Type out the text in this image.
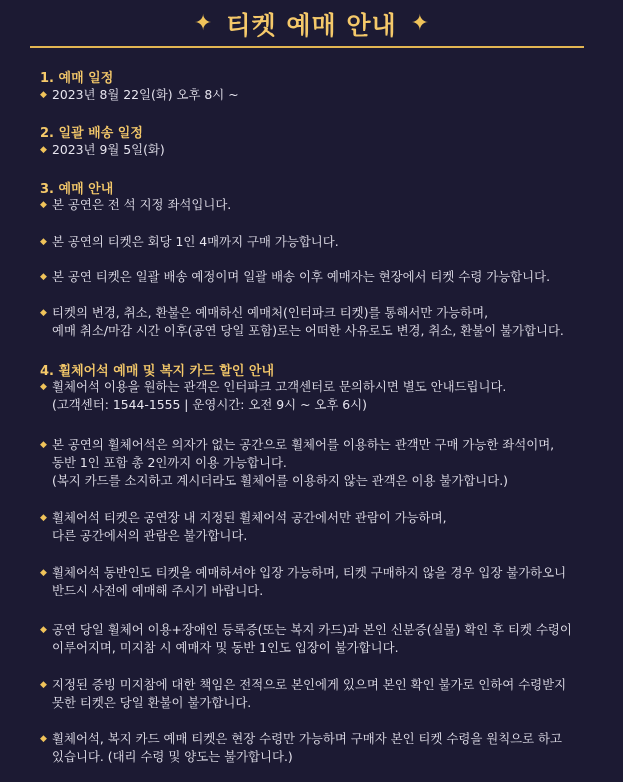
✦ 티켓 예매 안내 ✦
1. 예매 일정
◆ 2023년 8월 22일(화) 오후 8시 ~
2. 일괄 배송 일정
◆ 2023년 9월 5일(화)
3. 예매 안내
◆ 본 공연은 전 석 지정 좌석입니다.
◆ 본 공연의 티켓은 회당 1인 4매까지 구매 가능합니다.
◆ 본 공연 티켓은 일괄 배송 예정이며 일괄 배송 이후 예매자는 현장에서 티켓 수령 가능합니다.
◆ 티켓의 변경, 취소, 환불은 예매하신 예매처(인터파크 티켓)를 통해서만 가능하며,
예매 취소/마감 시간 이후(공연 당일 포함)로는 어떠한 사유로도 변경, 취소, 환불이 불가합니다.
4. 휠체어석 예매 및 복지 카드 할인 안내
◆ 휠체어석 이용을 원하는 관객은 인터파크 고객센터로 문의하시면 별도 안내드립니다.
(고객센터: 1544-1555 | 운영시간: 오전 9시 ~ 오후 6시)
◆ 본 공연의 휠체어석은 의자가 없는 공간으로 휠체어를 이용하는 관객만 구매 가능한 좌석이며,
동반 1인 포함 총 2인까지 이용 가능합니다.
(복지 카드를 소지하고 계시더라도 휠체어를 이용하지 않는 관객은 이용 불가합니다.)
◆ 휠체어석 티켓은 공연장 내 지정된 휠체어석 공간에서만 관람이 가능하며,
다른 공간에서의 관람은 불가합니다.
◆ 휠체어석 동반인도 티켓을 예매하셔야 입장 가능하며, 티켓 구매하지 않을 경우 입장 불가하오니
반드시 사전에 예매해 주시기 바랍니다.
◆ 공연 당일 휠체어 이용+장애인 등록증(또는 복지 카드)과 본인 신분증(실물) 확인 후 티켓 수령이
이루어지며, 미지참 시 예매자 및 동반 1인도 입장이 불가합니다.
◆ 지정된 증빙 미지참에 대한 책임은 전적으로 본인에게 있으며 본인 확인 불가로 인하여 수령받지
못한 티켓은 당일 환불이 불가합니다.
◆ 휠체어석, 복지 카드 예매 티켓은 현장 수령만 가능하며 구매자 본인 티켓 수령을 원칙으로 하고
있습니다. (대리 수령 및 양도는 불가합니다.)
